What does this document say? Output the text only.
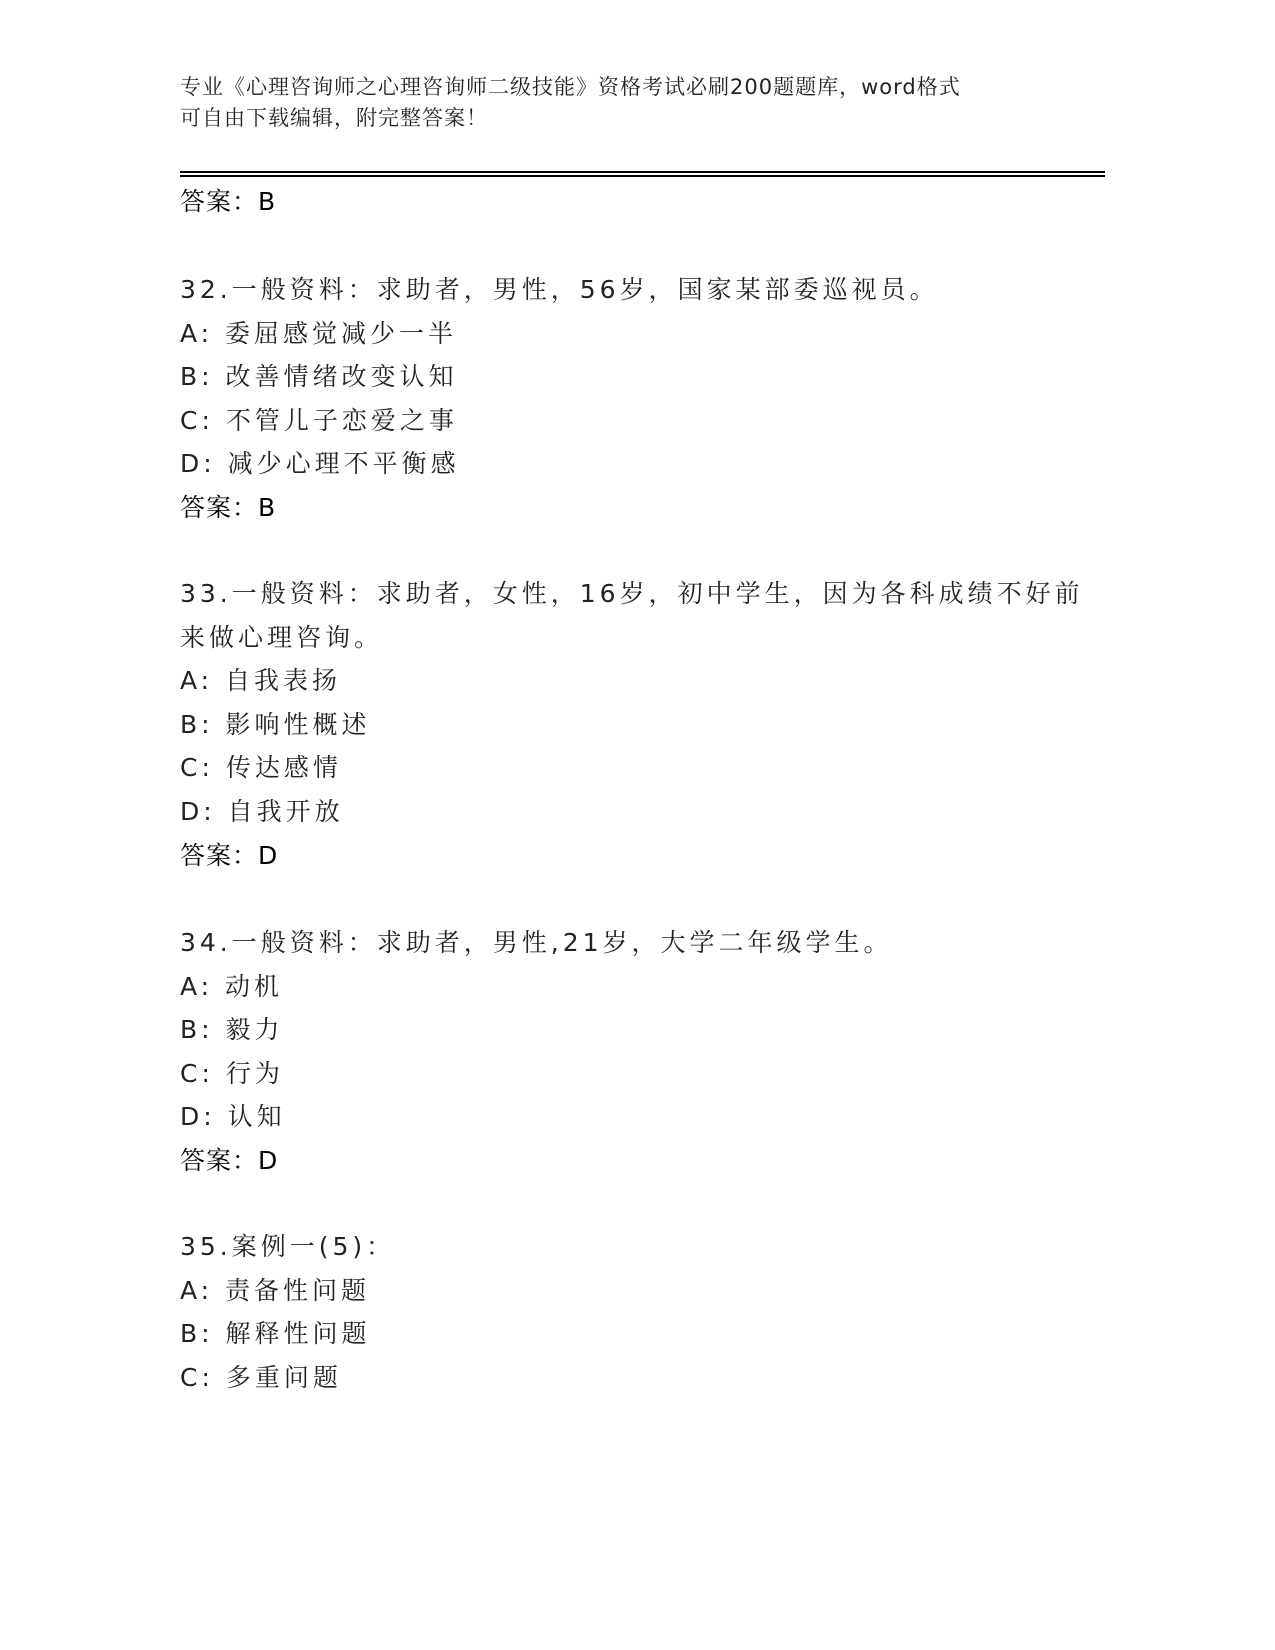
专业《心理咨询师之心理咨询师二级技能》资格考试必刷200题题库，word格式
可自由下载编辑，附完整答案！
答案：B
32.一般资料：求助者，男性，56岁，国家某部委巡视员。
A: 委屈感觉减少一半
B: 改善情绪改变认知
C: 不管儿子恋爱之事
D: 减少心理不平衡感
答案：B
33.一般资料：求助者，女性，16岁，初中学生，因为各科成绩不好前
来做心理咨询。
A: 自我表扬
B: 影响性概述
C: 传达感情
D: 自我开放
答案：D
34.一般资料：求助者，男性,21岁，大学二年级学生。
A: 动机
B: 毅力
C: 行为
D: 认知
答案：D
35.案例一(5)：
A: 责备性问题
B: 解释性问题
C: 多重问题
